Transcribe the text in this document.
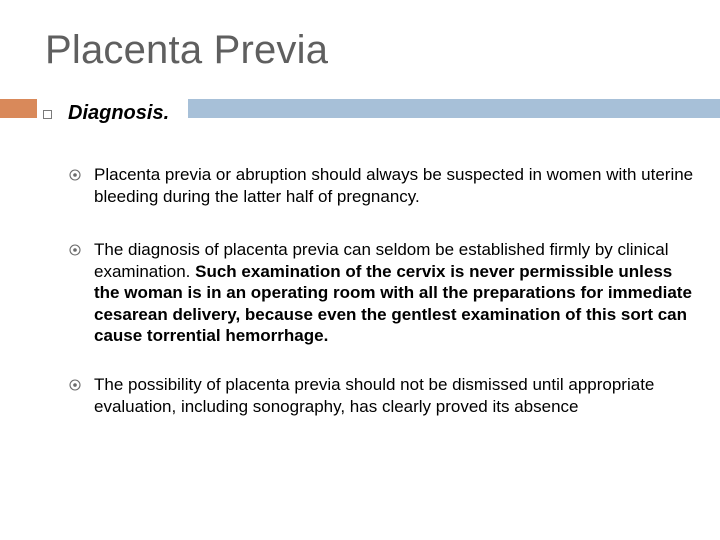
Placenta Previa
Diagnosis.
Placenta previa or abruption should always be suspected in women with uterine bleeding during the latter half of pregnancy.
The diagnosis of placenta previa can seldom be established firmly by clinical examination. Such examination of the cervix is never permissible unless the woman is in an operating room with all the preparations for immediate cesarean delivery, because even the gentlest examination of this sort can cause torrential hemorrhage.
The possibility of placenta previa should not be dismissed until appropriate evaluation, including sonography, has clearly proved its absence
